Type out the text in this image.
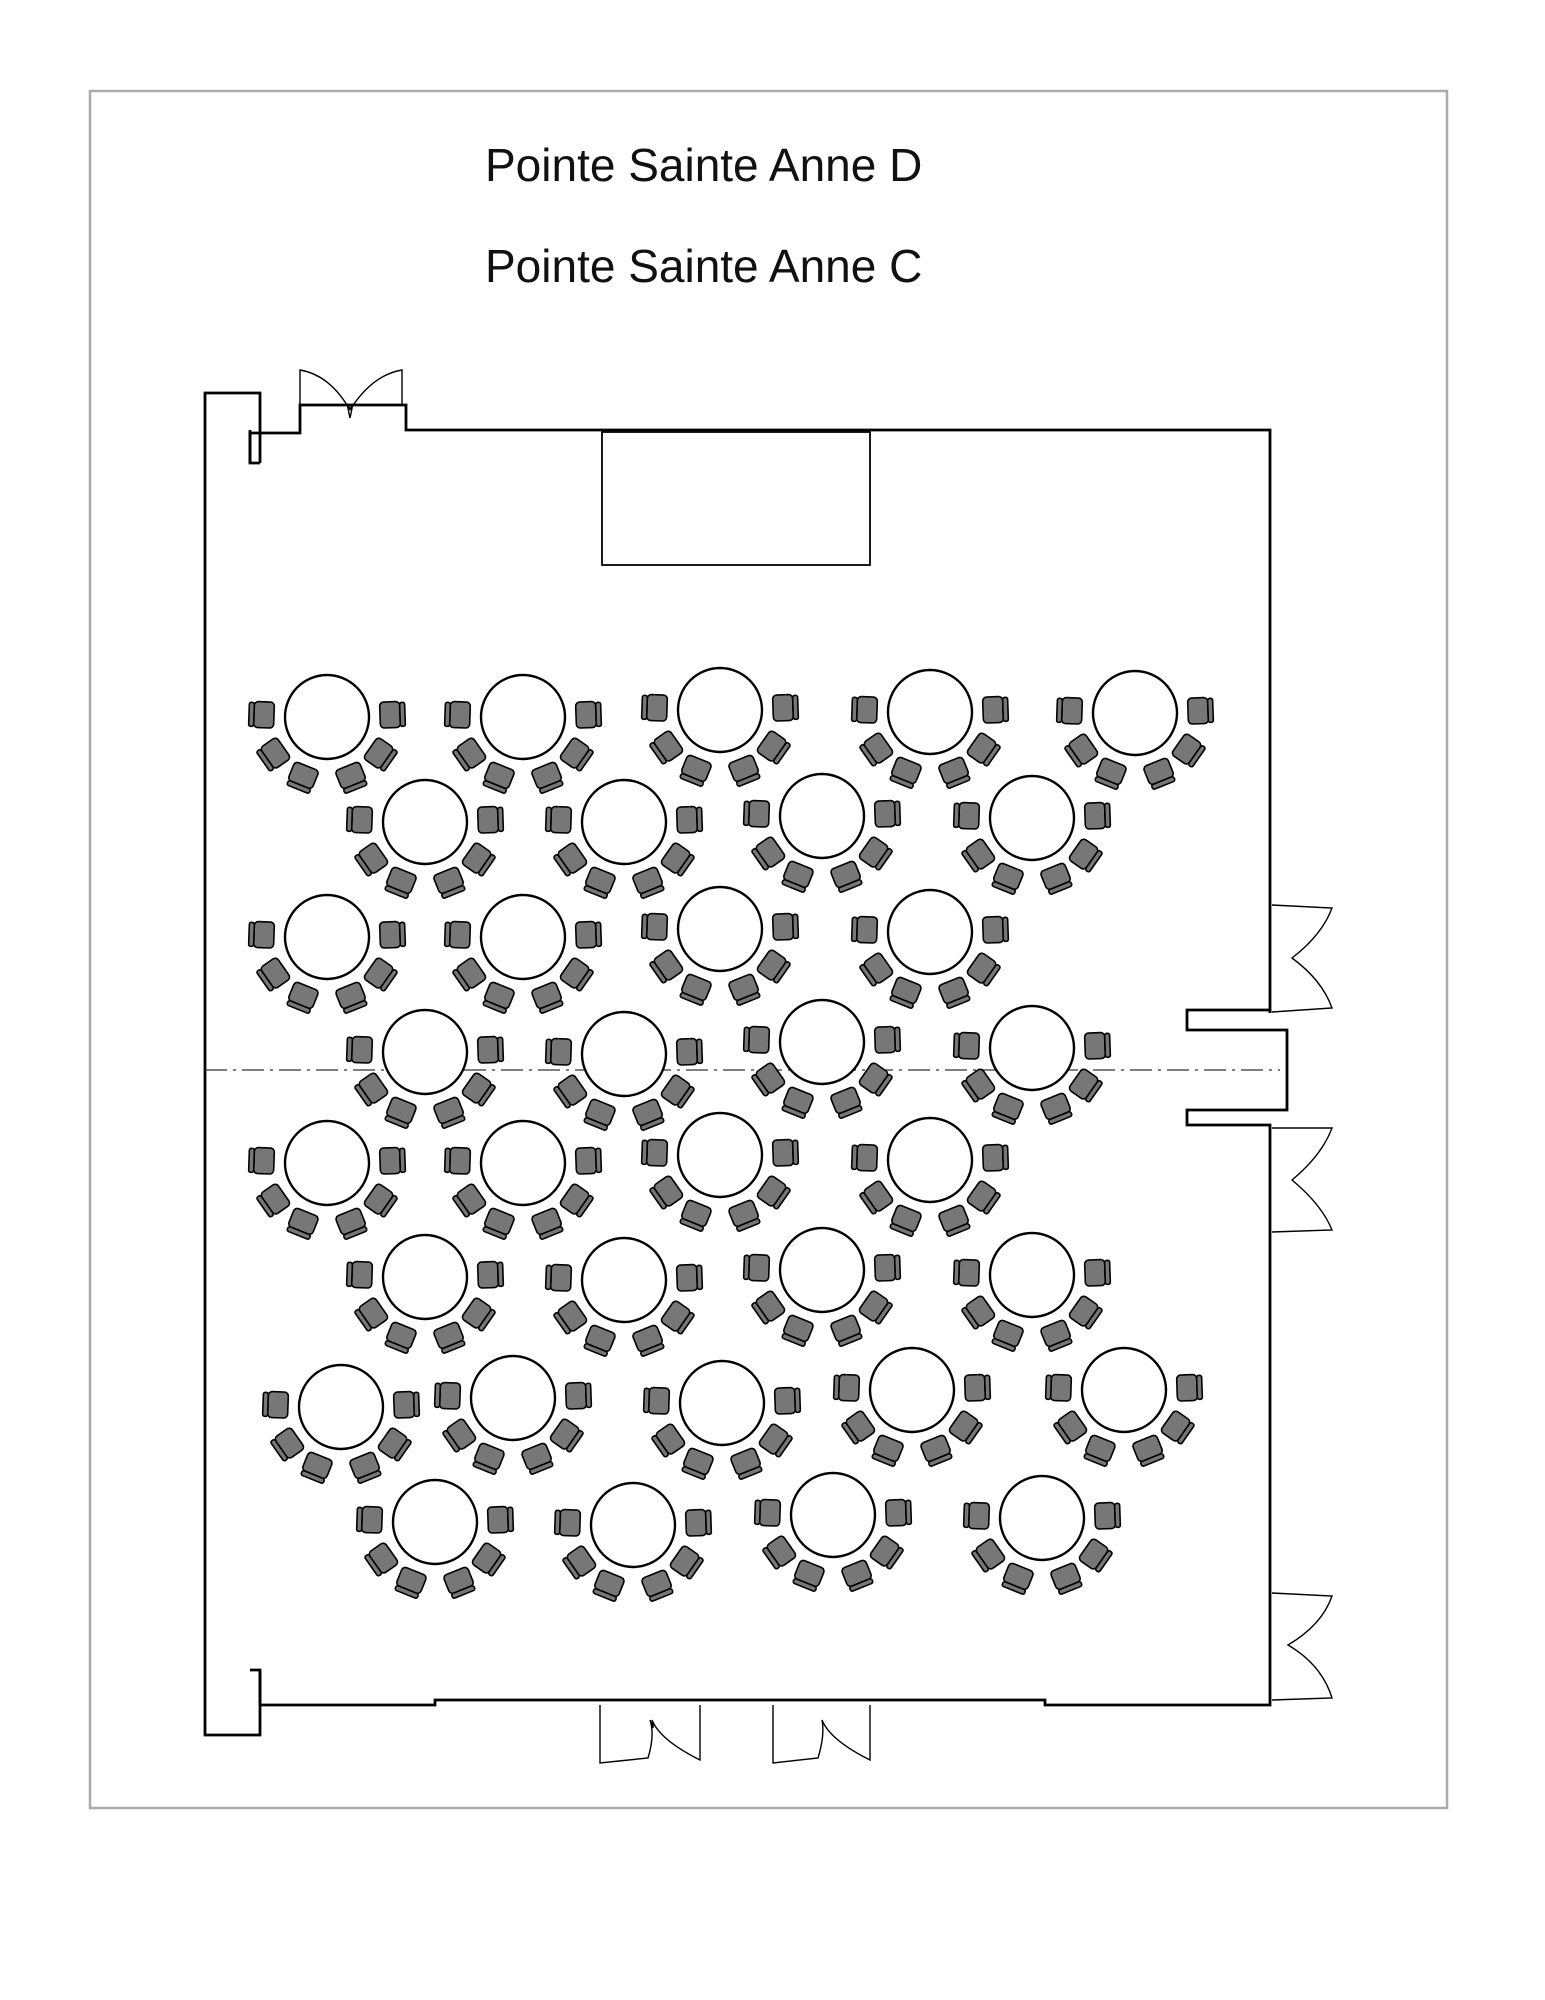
Pointe Sainte Anne D
Pointe Sainte Anne C
